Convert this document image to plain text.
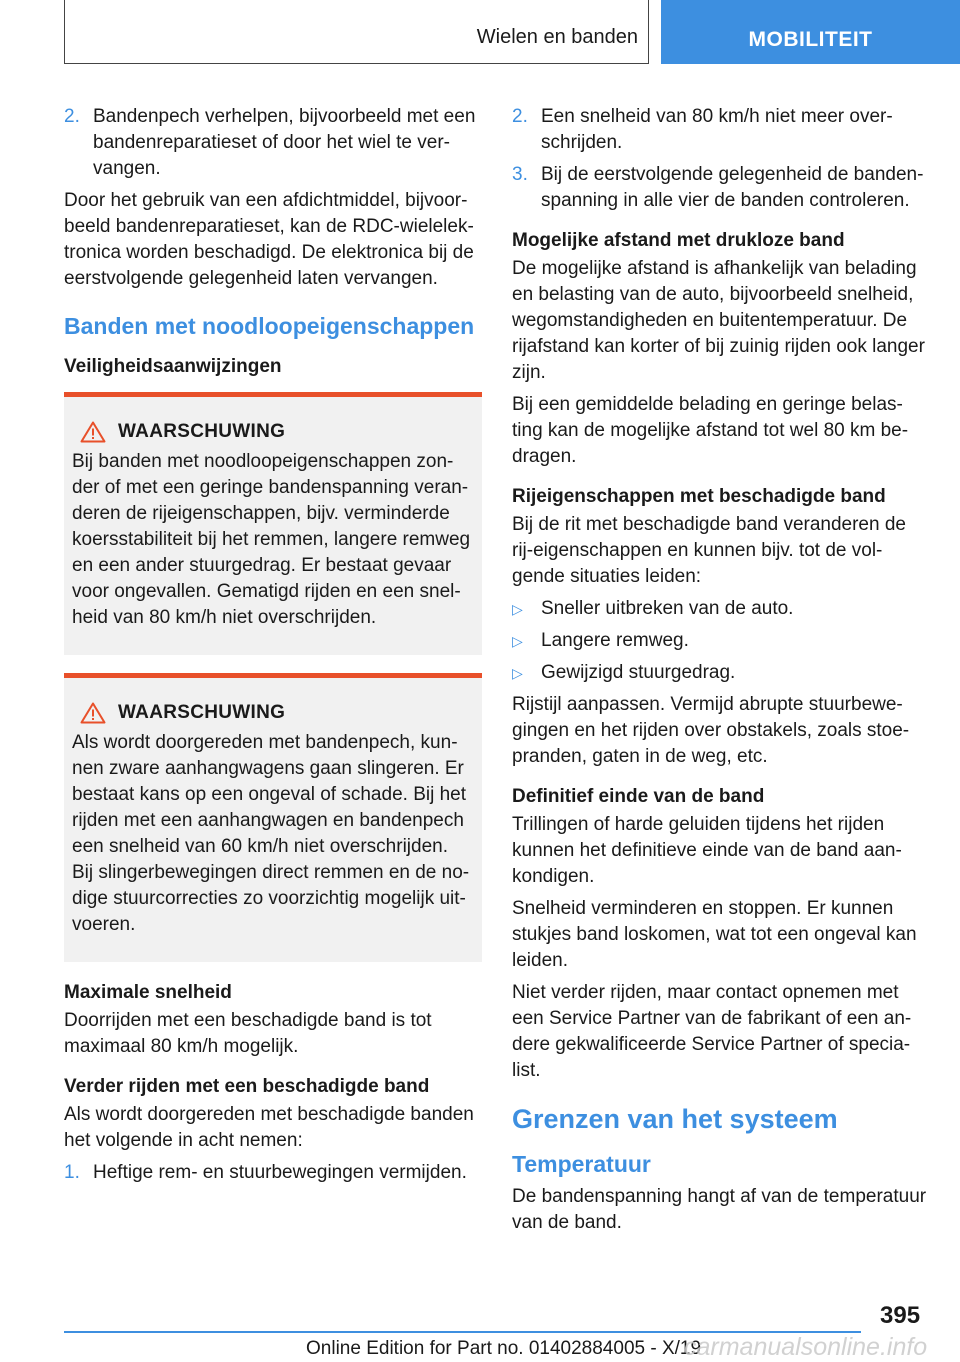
Wielen en banden	MOBILITEIT
2. Bandenpech verhelpen, bijvoorbeeld met een bandenreparatieset of door het wiel te ver‐ vangen.

Door het gebruik van een afdichtmiddel, bijvoor‐ beeld bandenreparatieset, kan de RDC-wielelek‐ tronica worden beschadigd. De elektronica bij de eerstvolgende gelegenheid laten vervangen.

Banden met noodloopeigenschappen
Veiligheidsaanwijzingen
WAARSCHUWING

Bij banden met noodloopeigenschappen zon‐ der of met een geringe bandenspanning veran‐ deren de rijeigenschappen, bijv. verminderde koersstabiliteit bij het remmen, langere remweg en een ander stuurgedrag. Er bestaat gevaar voor ongevallen. Gematigd rijden en een snel‐ heid van 80 km/h niet overschrijden.

WAARSCHUWING

Als wordt doorgereden met bandenpech, kun‐ nen zware aanhangwagens gaan slingeren. Er bestaat kans op een ongeval of schade. Bij het rijden met een aanhangwagen en bandenpech een snelheid van 60 km/h niet overschrijden. Bij slingerbewegingen direct remmen en de no‐ dige stuurcorrecties zo voorzichtig mogelijk uit‐ voeren.

Maximale snelheid

Doorrijden met een beschadigde band is tot maximaal 80 km/h mogelijk.

Verder rijden met een beschadigde band

Als wordt doorgereden met beschadigde banden het volgende in acht nemen:

1. Heftige rem- en stuurbewegingen vermijden.
2. Een snelheid van 80 km/h niet meer over‐ schrijden.
3. Bij de eerstvolgende gelegenheid de banden‐ spanning in alle vier de banden controleren.
Mogelijke afstand met drukloze band

De mogelijke afstand is afhankelijk van belading en belasting van de auto, bijvoorbeeld snelheid, wegomstandigheden en buitentemperatuur. De rijafstand kan korter of bij zuinig rijden ook langer zijn.

Bij een gemiddelde belading en geringe belas‐ ting kan de mogelijke afstand tot wel 80 km be‐ dragen.

Rijeigenschappen met beschadigde band

Bij de rit met beschadigde band veranderen de rij-eigenschappen en kunnen bijv. tot de vol‐ gende situaties leiden:

▷ Sneller uitbreken van de auto.
▷ Langere remweg.
▷ Gewijzigd stuurgedrag.

Rijstijl aanpassen. Vermijd abrupte stuurbewe‐ gingen en het rijden over obstakels, zoals stoe‐ pranden, gaten in de weg, etc.

Definitief einde van de band

Trillingen of harde geluiden tijdens het rijden kunnen het definitieve einde van de band aan‐ kondigen.

Snelheid verminderen en stoppen. Er kunnen stukjes band loskomen, wat tot een ongeval kan leiden.

Niet verder rijden, maar contact opnemen met een Service Partner van de fabrikant of een an‐ dere gekwalificeerde Service Partner of specia‐ list.

Grenzen van het systeem
Temperatuur

De bandenspanning hangt af van de temperatuur van de band.

395
Online Edition for Part no. 01402884005 - X/19
carmanualsonline.info
